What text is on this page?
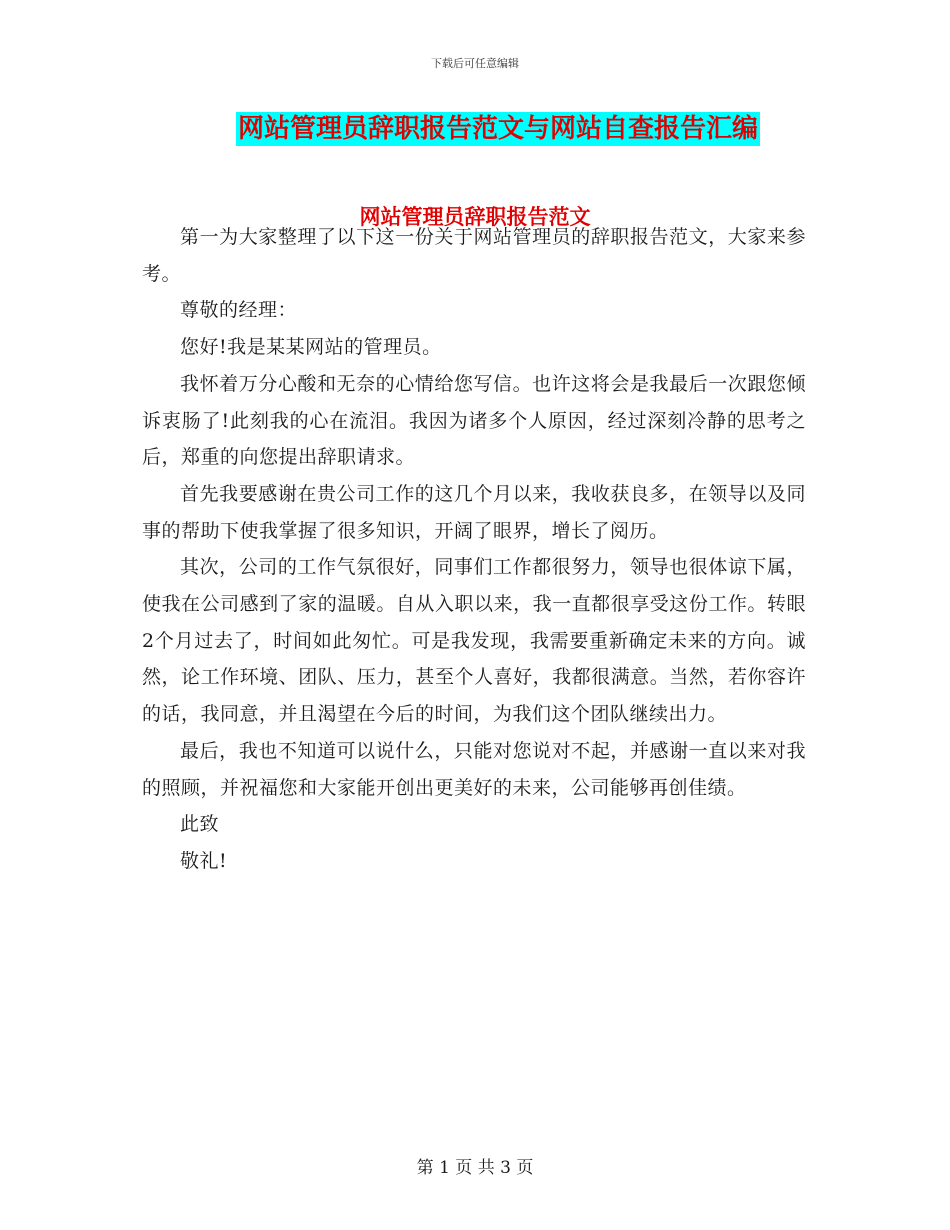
下载后可任意编辑
网站管理员辞职报告范文与网站自查报告汇编
网站管理员辞职报告范文

第一为大家整理了以下这一份关于网站管理员的辞职报告范文，大家来参考。

尊敬的经理：

您好!我是某某网站的管理员。

我怀着万分心酸和无奈的心情给您写信。也许这将会是我最后一次跟您倾诉衷肠了!此刻我的心在流泪。我因为诸多个人原因，经过深刻冷静的思考之后，郑重的向您提出辞职请求。

首先我要感谢在贵公司工作的这几个月以来，我收获良多，在领导以及同事的帮助下使我掌握了很多知识，开阔了眼界，增长了阅历。

其次，公司的工作气氛很好，同事们工作都很努力，领导也很体谅下属，使我在公司感到了家的温暖。自从入职以来，我一直都很享受这份工作。转眼2个月过去了，时间如此匆忙。可是我发现，我需要重新确定未来的方向。诚然，论工作环境、团队、压力，甚至个人喜好，我都很满意。当然，若你容许的话，我同意，并且渴望在今后的时间，为我们这个团队继续出力。

最后，我也不知道可以说什么，只能对您说对不起，并感谢一直以来对我的照顾，并祝福您和大家能开创出更美好的未来，公司能够再创佳绩。

此致

敬礼!

第 1 页 共 3 页
